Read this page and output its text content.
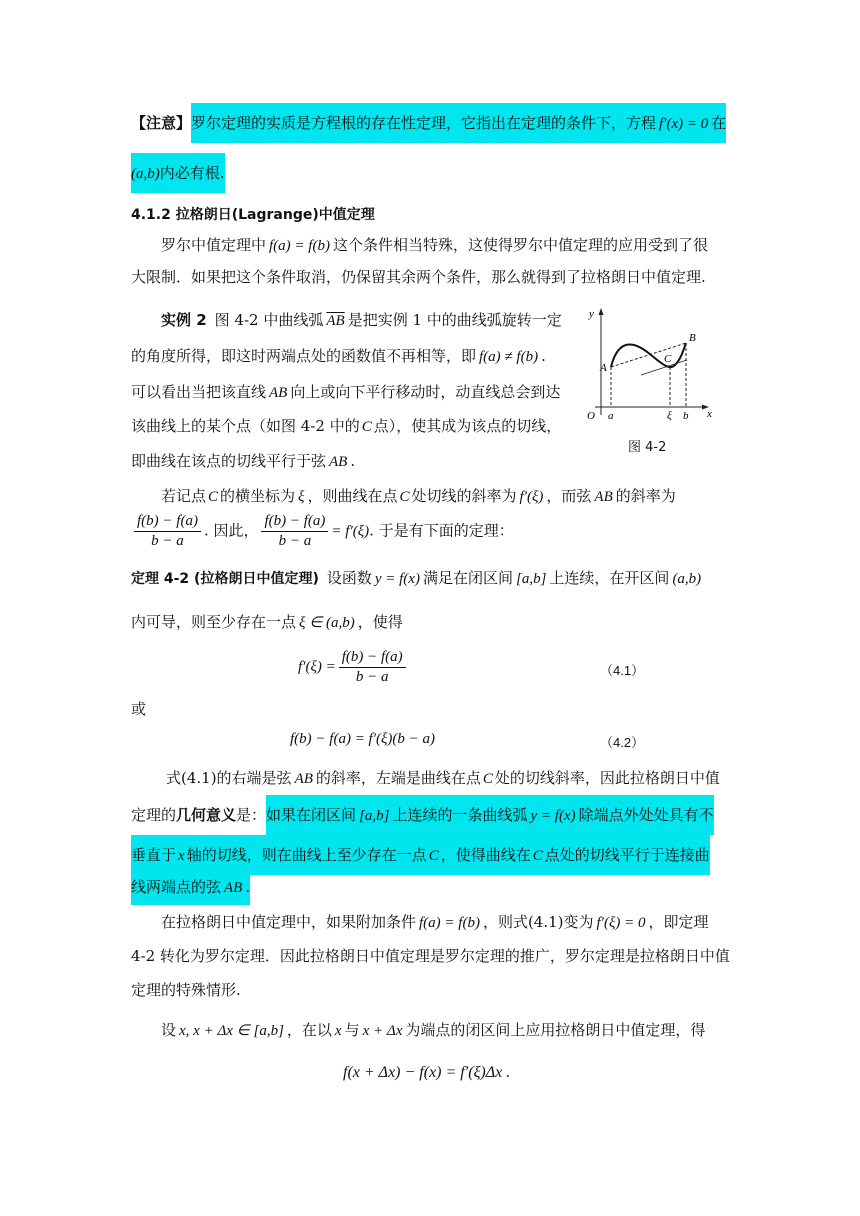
【注意】罗尔定理的实质是方程根的存在性定理，它指出在定理的条件下，方程 f′(x) = 0 在
(a,b)内必有根.
4.1.2 拉格朗日(Lagrange)中值定理
罗尔中值定理中 f(a) = f(b) 这个条件相当特殊，这使得罗尔中值定理的应用受到了很
大限制．如果把这个条件取消，仍保留其余两个条件，那么就得到了拉格朗日中值定理.
实例 2 图 4-2 中曲线弧 $\overline{AB}$ 是把实例 1 中的曲线弧旋转一定
的角度所得，即这时两端点处的函数值不再相等，即 f(a) ≠ f(b) .
可以看出当把该直线 AB 向上或向下平行移动时，动直线总会到达
该曲线上的某个点（如图 4-2 中的 C 点），使其成为该点的切线，
即曲线在该点的切线平行于弦 AB .
y
x
O a	ξ b
A
B
C
图 4-2
若记点 C 的横坐标为 ξ ，则曲线在点 C 处切线的斜率为 f′(ξ) ，而弦 AB 的斜率为
$\frac{f(b) - f(a)}{b - a}$ . 因此， $\frac{f(b) - f(a)}{b - a} = f'(\xi)$. 于是有下面的定理：
定理 4-2 (拉格朗日中值定理) 设函数 y = f(x) 满足在闭区间 [a,b] 上连续，在开区间 (a,b)
内可导，则至少存在一点 ξ ∈ (a,b) ，使得
$f'(\xi) = \frac{f(b) - f(a)}{b - a}$	（4.1）
或
f(b) − f(a) = f′(ξ)(b − a)	（4.2）
式(4.1)的右端是弦 AB 的斜率，左端是曲线在点 C 处的切线斜率，因此拉格朗日中值
定理的几何意义是：如果在闭区间 [a,b] 上连续的一条曲线弧 y = f(x) 除端点外处处具有不
垂直于 x 轴的切线，则在曲线上至少存在一点 C ，使得曲线在 C 点处的切线平行于连接曲
线两端点的弦 AB .
在拉格朗日中值定理中，如果附加条件 f(a) = f(b) ，则式(4.1)变为 f′(ξ) = 0 ，即定理
4-2 转化为罗尔定理．因此拉格朗日中值定理是罗尔定理的推广，罗尔定理是拉格朗日中值
定理的特殊情形.
设 x, x + Δx ∈ [a,b] ，在以 x 与 x + Δx 为端点的闭区间上应用拉格朗日中值定理，得
f(x + Δx) − f(x) = f′(ξ)Δx .
